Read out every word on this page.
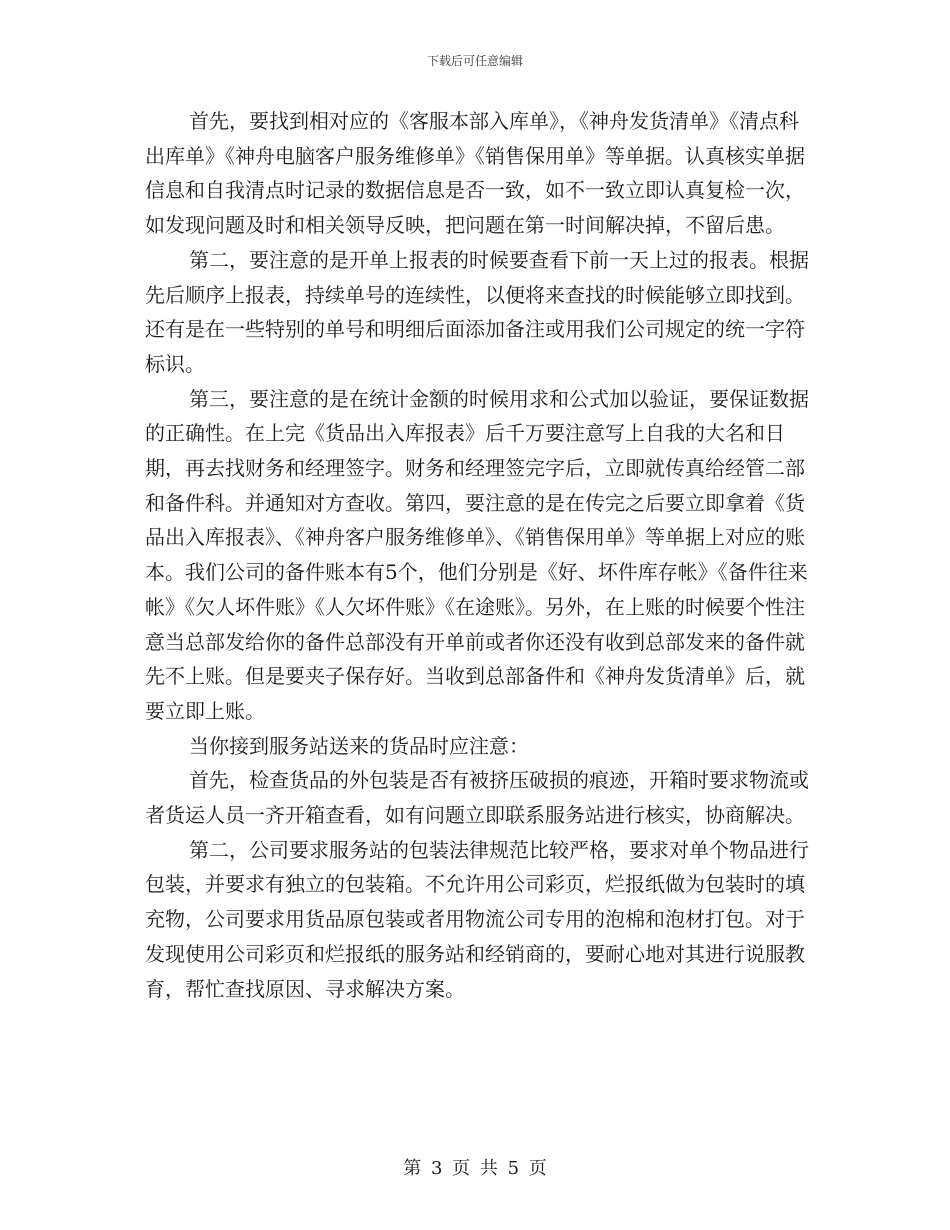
下载后可任意编辑

首先，要找到相对应的《客服本部入库单》，《神舟发货清单》《清点科出库单》《神舟电脑客户服务维修单》《销售保用单》等单据。认真核实单据信息和自我清点时记录的数据信息是否一致，如不一致立即认真复检一次，如发现问题及时和相关领导反映，把问题在第一时间解决掉，不留后患。

第二，要注意的是开单上报表的时候要查看下前一天上过的报表。根据先后顺序上报表，持续单号的连续性，以便将来查找的时候能够立即找到。还有是在一些特别的单号和明细后面添加备注或用我们公司规定的统一字符标识。

第三，要注意的是在统计金额的时候用求和公式加以验证，要保证数据的正确性。在上完《货品出入库报表》后千万要注意写上自我的大名和日期，再去找财务和经理签字。财务和经理签完字后，立即就传真给经管二部和备件科。并通知对方查收。第四，要注意的是在传完之后要立即拿着《货品出入库报表》、《神舟客户服务维修单》、《销售保用单》等单据上对应的账本。我们公司的备件账本有5个，他们分别是《好、坏件库存帐》《备件往来帐》《欠人坏件账》《人欠坏件账》《在途账》。另外，在上账的时候要个性注意当总部发给你的备件总部没有开单前或者你还没有收到总部发来的备件就先不上账。但是要夹子保存好。当收到总部备件和《神舟发货清单》后，就要立即上账。

当你接到服务站送来的货品时应注意：

首先，检查货品的外包装是否有被挤压破损的痕迹，开箱时要求物流或者货运人员一齐开箱查看，如有问题立即联系服务站进行核实，协商解决。

第二，公司要求服务站的包装法律规范比较严格，要求对单个物品进行包装，并要求有独立的包装箱。不允许用公司彩页，烂报纸做为包装时的填充物，公司要求用货品原包装或者用物流公司专用的泡棉和泡材打包。对于发现使用公司彩页和烂报纸的服务站和经销商的，要耐心地对其进行说服教育，帮忙查找原因、寻求解决方案。

第 3 页 共 5 页
